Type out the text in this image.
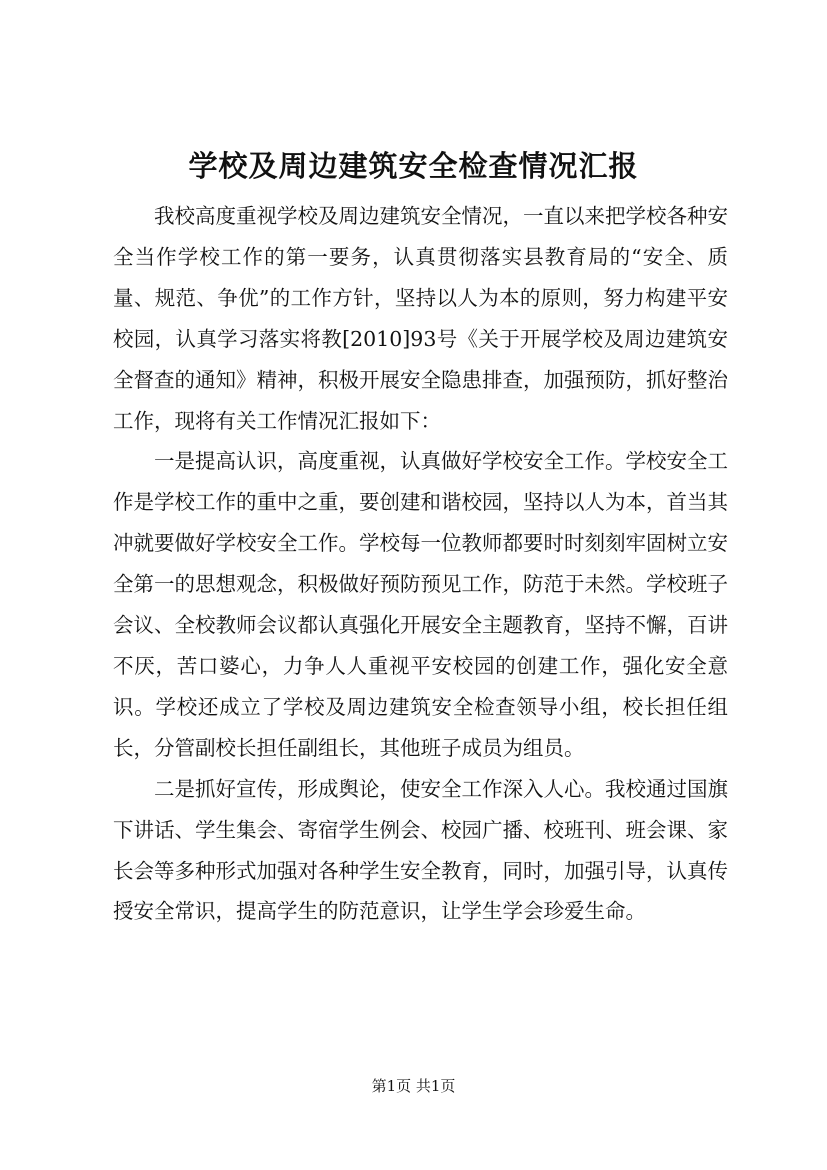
学校及周边建筑安全检查情况汇报

我校高度重视学校及周边建筑安全情况，一直以来把学校各种安全当作学校工作的第一要务，认真贯彻落实县教育局的“安全、质量、规范、争优”的工作方针，坚持以人为本的原则，努力构建平安校园，认真学习落实将教[2010]93号《关于开展学校及周边建筑安全督查的通知》精神，积极开展安全隐患排查，加强预防，抓好整治工作，现将有关工作情况汇报如下：

一是提高认识，高度重视，认真做好学校安全工作。学校安全工作是学校工作的重中之重，要创建和谐校园，坚持以人为本，首当其冲就要做好学校安全工作。学校每一位教师都要时时刻刻牢固树立安全第一的思想观念，积极做好预防预见工作，防范于未然。学校班子会议、全校教师会议都认真强化开展安全主题教育，坚持不懈，百讲不厌，苦口婆心，力争人人重视平安校园的创建工作，强化安全意识。学校还成立了学校及周边建筑安全检查领导小组，校长担任组长，分管副校长担任副组长，其他班子成员为组员。

二是抓好宣传，形成舆论，使安全工作深入人心。我校通过国旗下讲话、学生集会、寄宿学生例会、校园广播、校班刊、班会课、家长会等多种形式加强对各种学生安全教育，同时，加强引导，认真传授安全常识，提高学生的防范意识，让学生学会珍爱生命。

第1页 共1页
